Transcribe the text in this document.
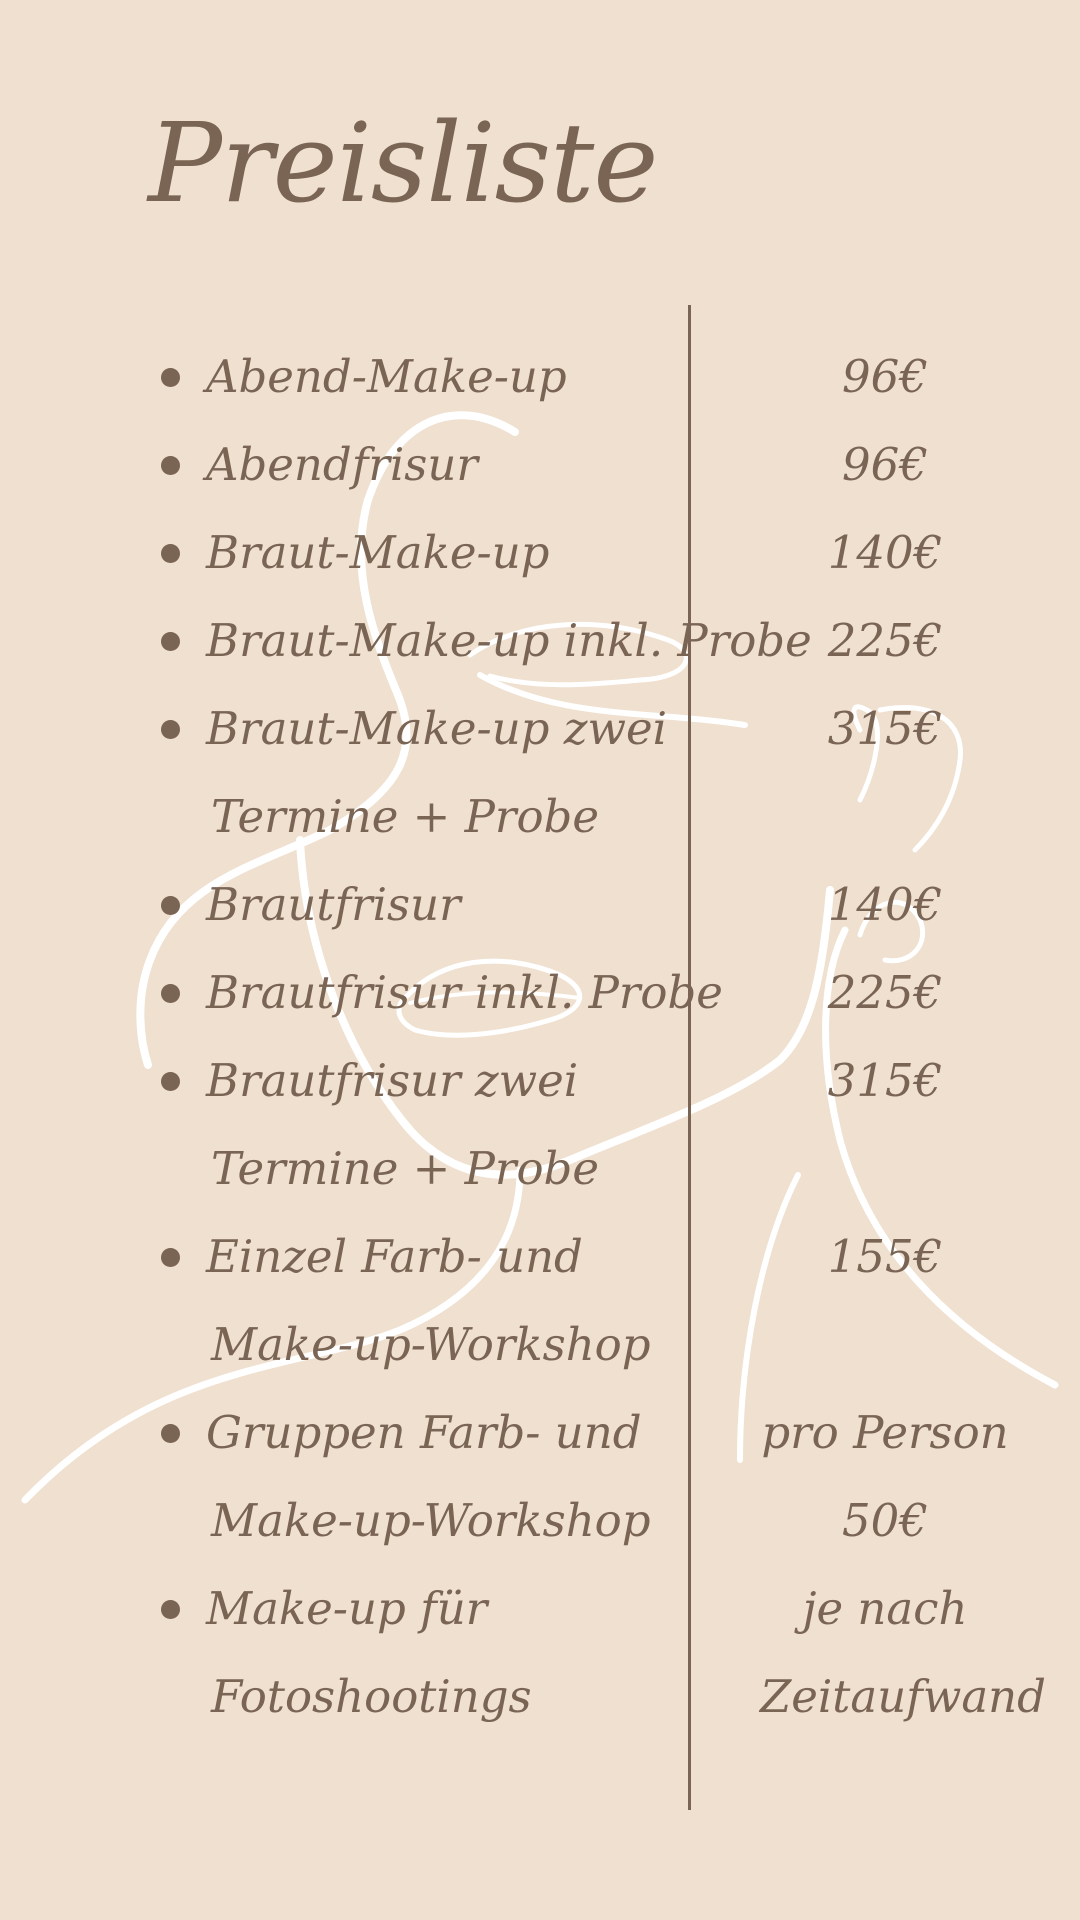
Preisliste
Abend-Make-up	96€
Abendfrisur	96€
Braut-Make-up	140€
Braut-Make-up inkl. Probe 225€
Braut-Make-up zwei	315€
Termine + Probe
Brautfrisur	140€
Brautfrisur inkl. Probe	225€
Brautfrisur zwei	315€
Termine + Probe
Einzel Farb- und	155€
Make-up-Workshop
Gruppen Farb- und	pro Person
Make-up-Workshop	50€
Make-up für	je nach
Fotoshootings	Zeitaufwand
